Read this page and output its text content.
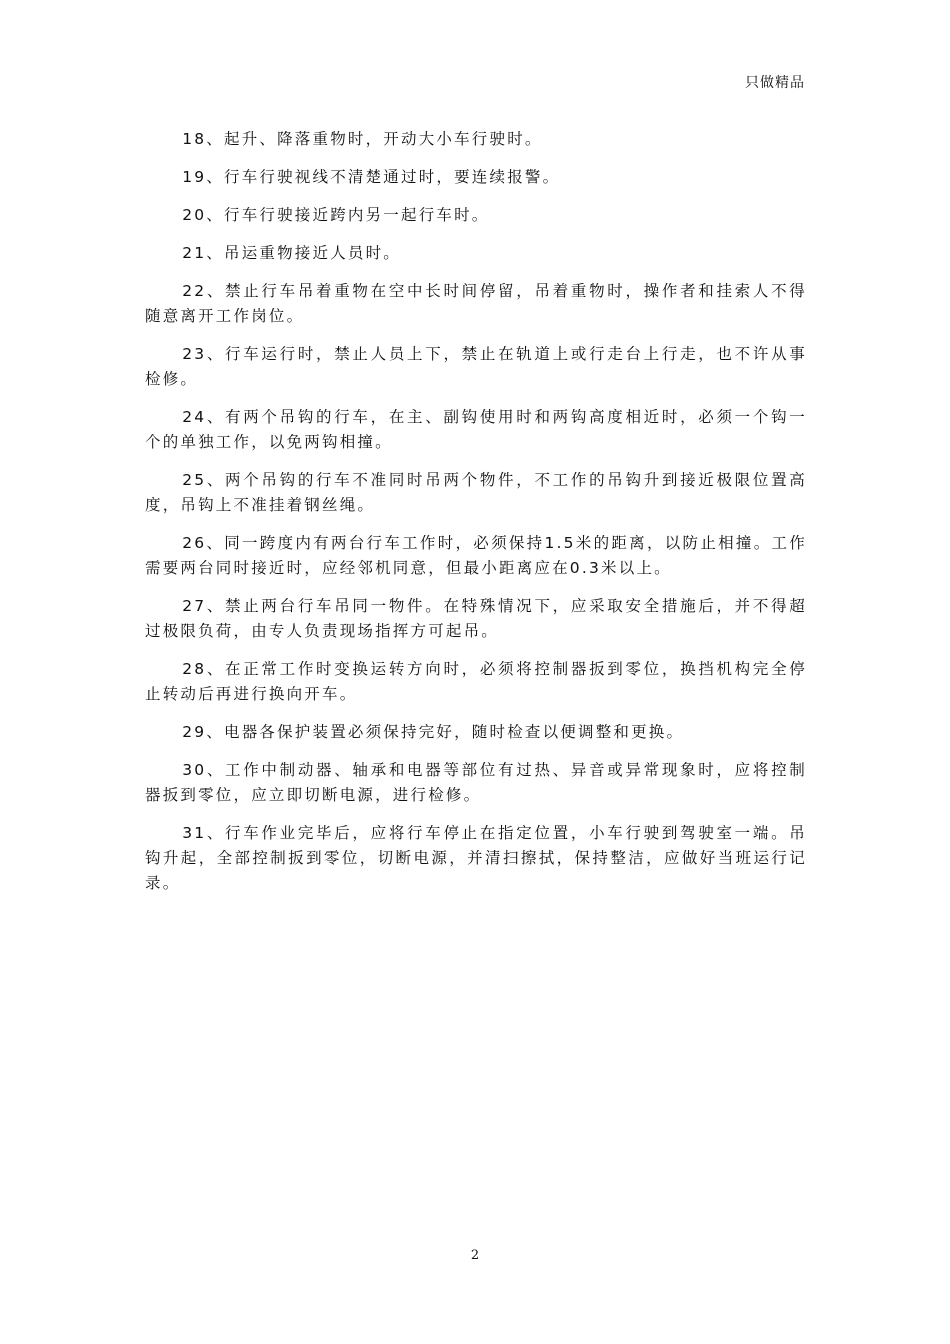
只做精品

18、起升、降落重物时，开动大小车行驶时。

19、行车行驶视线不清楚通过时，要连续报警。

20、行车行驶接近跨内另一起行车时。

21、吊运重物接近人员时。

22、禁止行车吊着重物在空中长时间停留，吊着重物时，操作者和挂索人不得随意离开工作岗位。

23、行车运行时，禁止人员上下，禁止在轨道上或行走台上行走，也不许从事检修。

24、有两个吊钩的行车，在主、副钩使用时和两钩高度相近时，必须一个钩一个的单独工作，以免两钩相撞。

25、两个吊钩的行车不准同时吊两个物件，不工作的吊钩升到接近极限位置高度，吊钩上不准挂着钢丝绳。

26、同一跨度内有两台行车工作时，必须保持1.5米的距离，以防止相撞。工作需要两台同时接近时，应经邻机同意，但最小距离应在0.3米以上。

27、禁止两台行车吊同一物件。在特殊情况下，应采取安全措施后，并不得超过极限负荷，由专人负责现场指挥方可起吊。

28、在正常工作时变换运转方向时，必须将控制器扳到零位，换挡机构完全停止转动后再进行换向开车。

29、电器各保护装置必须保持完好，随时检查以便调整和更换。

30、工作中制动器、轴承和电器等部位有过热、异音或异常现象时，应将控制器扳到零位，应立即切断电源，进行检修。

31、行车作业完毕后，应将行车停止在指定位置，小车行驶到驾驶室一端。吊钩升起，全部控制扳到零位，切断电源，并清扫擦拭，保持整洁，应做好当班运行记录。

2
